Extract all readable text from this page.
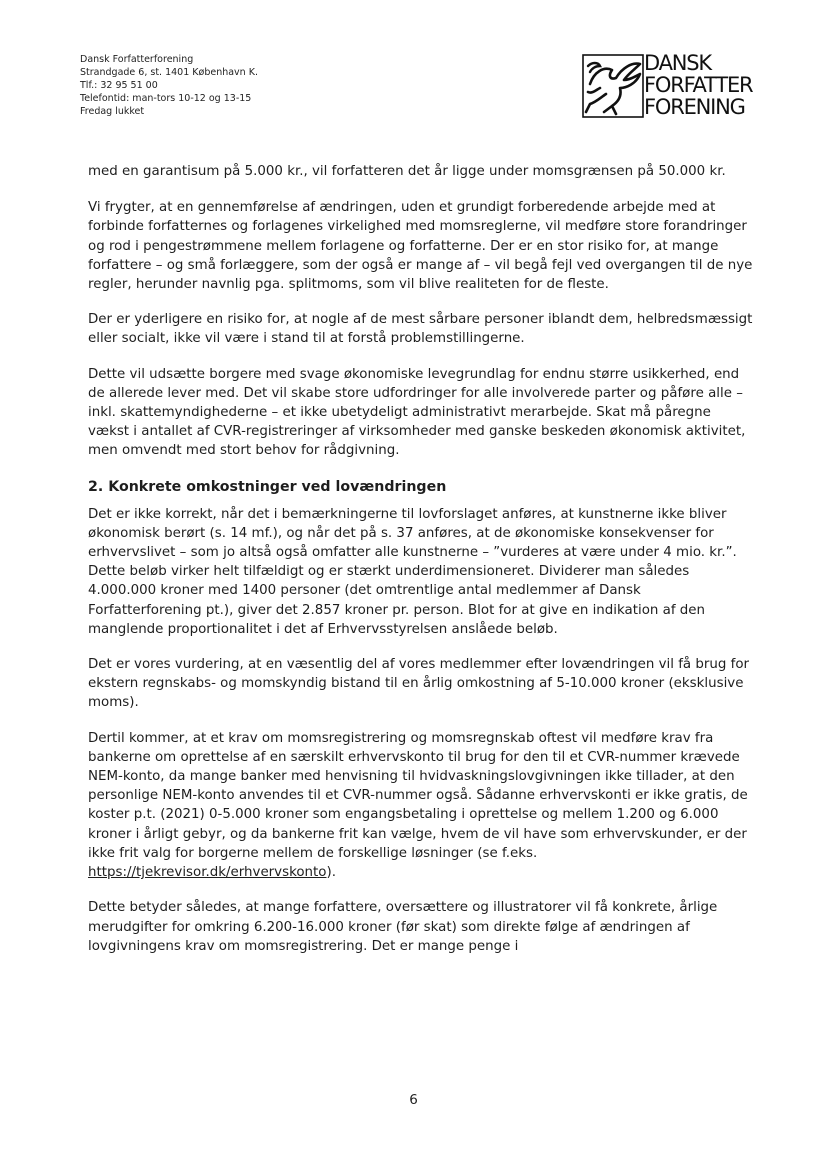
Dansk Forfatterforening
Strandgade 6, st. 1401 København K.
Tlf.: 32 95 51 00
Telefontid: man-tors 10-12 og 13-15
Fredag lukket
DANSK
FORFATTER
FORENING

med en garantisum på 5.000 kr., vil forfatteren det år ligge under momsgrænsen på 50.000 kr.

Vi frygter, at en gennemførelse af ændringen, uden et grundigt forberedende arbejde med at forbinde forfatternes og forlagenes virkelighed med momsreglerne, vil medføre store forandringer og rod i pengestrømmene mellem forlagene og forfatterne. Der er en stor risiko for, at mange forfattere – og små forlæggere, som der også er mange af – vil begå fejl ved overgangen til de nye regler, herunder navnlig pga. splitmoms, som vil blive realiteten for de fleste.

Der er yderligere en risiko for, at nogle af de mest sårbare personer iblandt dem, helbredsmæssigt eller socialt, ikke vil være i stand til at forstå problemstillingerne.

Dette vil udsætte borgere med svage økonomiske levegrundlag for endnu større usikkerhed, end de allerede lever med. Det vil skabe store udfordringer for alle involverede parter og påføre alle – inkl. skattemyndighederne – et ikke ubetydeligt administrativt merarbejde. Skat må påregne vækst i antallet af CVR-registreringer af virksomheder med ganske beskeden økonomisk aktivitet, men omvendt med stort behov for rådgivning.

2. Konkrete omkostninger ved lovændringen

Det er ikke korrekt, når det i bemærkningerne til lovforslaget anføres, at kunstnerne ikke bliver økonomisk berørt (s. 14 mf.), og når det på s. 37 anføres, at de økonomiske konsekvenser for erhvervslivet – som jo altså også omfatter alle kunstnerne – ”vurderes at være under 4 mio. kr.”. Dette beløb virker helt tilfældigt og er stærkt underdimensioneret. Dividerer man således 4.000.000 kroner med 1400 personer (det omtrentlige antal medlemmer af Dansk Forfatterforening pt.), giver det 2.857 kroner pr. person. Blot for at give en indikation af den manglende proportionalitet i det af Erhvervsstyrelsen anslåede beløb.

Det er vores vurdering, at en væsentlig del af vores medlemmer efter lovændringen vil få brug for ekstern regnskabs- og momskyndig bistand til en årlig omkostning af 5-10.000 kroner (eksklusive moms).

Dertil kommer, at et krav om momsregistrering og momsregnskab oftest vil medføre krav fra bankerne om oprettelse af en særskilt erhvervskonto til brug for den til et CVR-nummer krævede NEM-konto, da mange banker med henvisning til hvidvaskningslovgivningen ikke tillader, at den personlige NEM-konto anvendes til et CVR-nummer også. Sådanne erhvervskonti er ikke gratis, de koster p.t. (2021) 0-5.000 kroner som engangsbetaling i oprettelse og mellem 1.200 og 6.000 kroner i årligt gebyr, og da bankerne frit kan vælge, hvem de vil have som erhvervskunder, er der ikke frit valg for borgerne mellem de forskellige løsninger (se f.eks. https://tjekrevisor.dk/erhvervskonto).

Dette betyder således, at mange forfattere, oversættere og illustratorer vil få konkrete, årlige merudgifter for omkring 6.200-16.000 kroner (før skat) som direkte følge af ændringen af lovgivningens krav om momsregistrering. Det er mange penge i

6
